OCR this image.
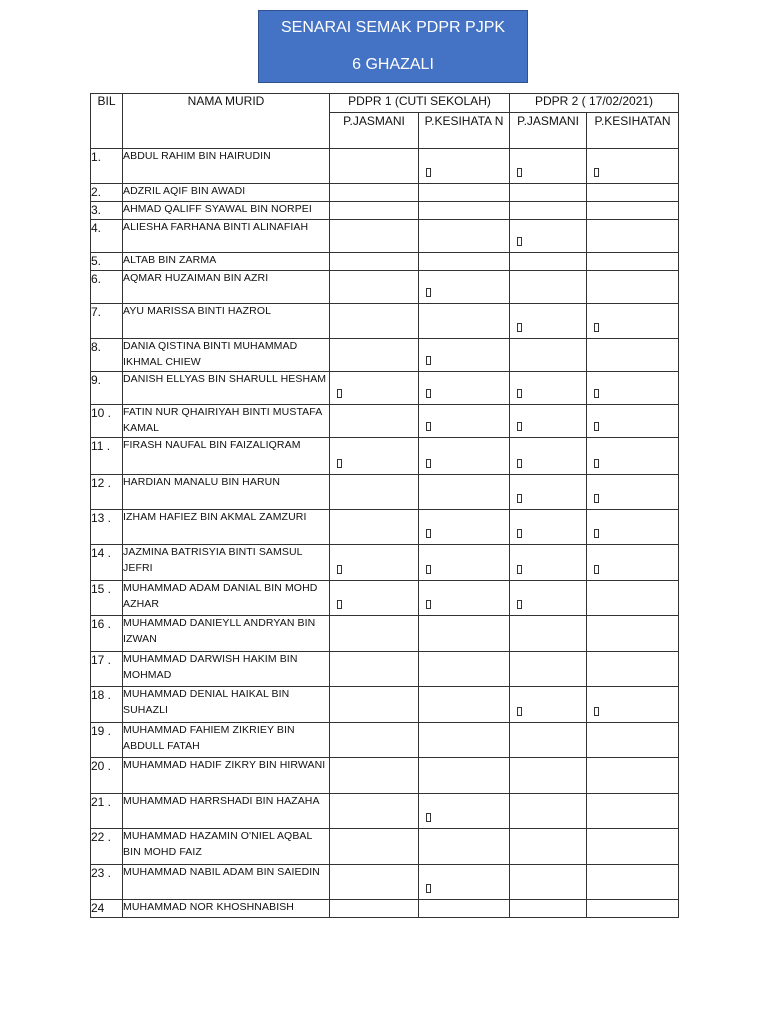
SENARAI SEMAK PDPR PJPK
6 GHAZALI
BIL	NAMA MURID	PDPR 1 (CUTI SEKOLAH)		PDPR 2 ( 17/02/2021)	
		P.JASMANI	P.KESIHATA N	P.JASMANI	P.KESIHATAN
1.	ABDUL RAHIM BIN HAIRUDIN		

2.	ADZRIL AQIF BIN AWADI				
3.	AHMAD QALIFF SYAWAL BIN NORPEI				
4.	ALIESHA FARHANA BINTI ALINAFIAH			

5.	ALTAB BIN ZARMA				
6.	AQMAR HUZAIMAN BIN AZRI		

7.	AYU MARISSA BINTI HAZROL			

8.	DANIA QISTINA BINTI MUHAMMAD IKHMAL CHIEW		

9.	DANISH ELLYAS BIN SHARULL HESHAM	

10 .	FATIN NUR QHAIRIYAH BINTI MUSTAFA KAMAL		

11 .	FIRASH NAUFAL BIN FAIZALIQRAM	

12 .	HARDIAN MANALU BIN HARUN			

13 .	IZHAM HAFIEZ BIN AKMAL ZAMZURI		

14 .	JAZMINA BATRISYIA BINTI SAMSUL JEFRI	

15 .	MUHAMMAD ADAM DANIAL BIN MOHD AZHAR	

16 .	MUHAMMAD DANIEYLL ANDRYAN BIN IZWAN				
17 .	MUHAMMAD DARWISH HAKIM BIN MOHMAD				
18 .	MUHAMMAD DENIAL HAIKAL BIN SUHAZLI			

19 .	MUHAMMAD FAHIEM ZIKRIEY BIN ABDULL FATAH				
20 .	MUHAMMAD HADIF ZIKRY BIN HIRWANI				
21 .	MUHAMMAD HARRSHADI BIN HAZAHA		

22 .	MUHAMMAD HAZAMIN O'NIEL AQBAL BIN MOHD FAIZ				
23 .	MUHAMMAD NABIL ADAM BIN SAIEDIN		

24	MUHAMMAD NOR KHOSHNABISH				
